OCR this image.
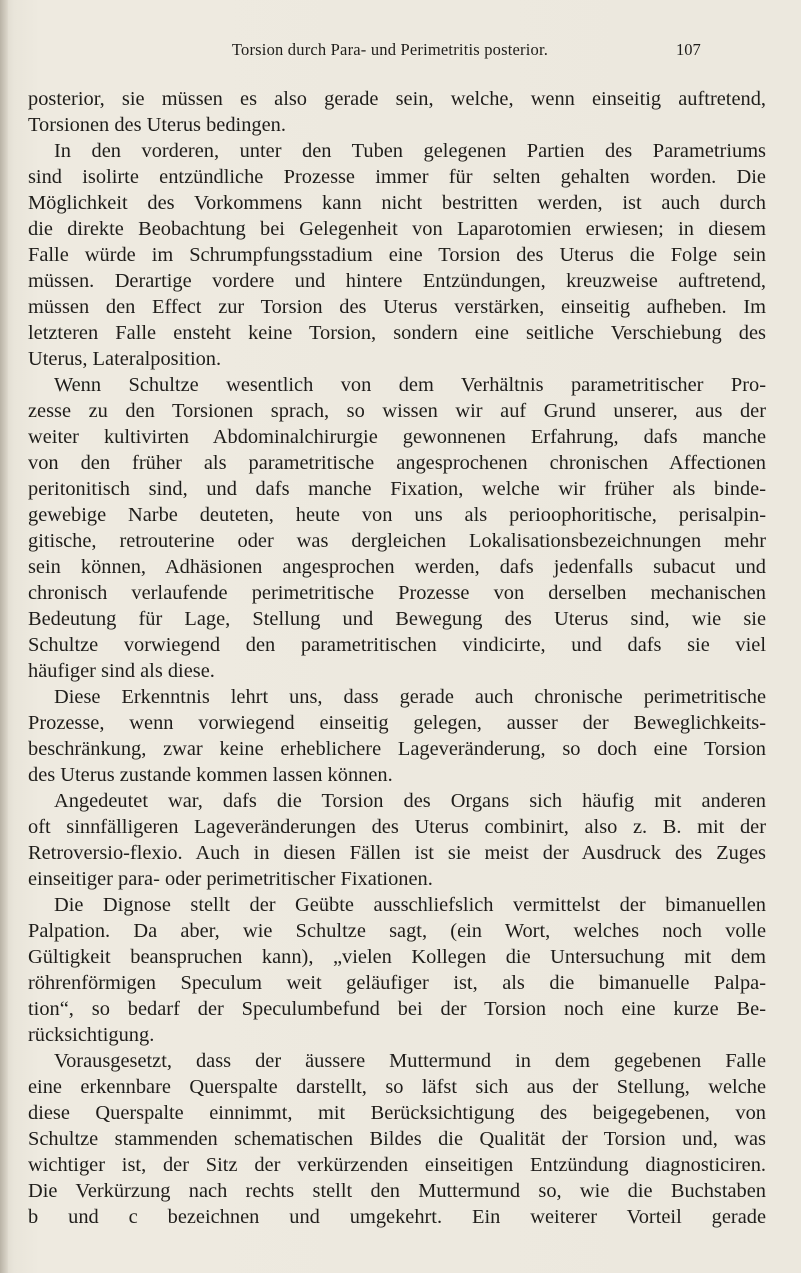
Torsion durch Para- und Perimetritis posterior.	107
posterior, sie müssen es also gerade sein, welche, wenn einseitig auftretend,
Torsionen des Uterus bedingen.
In den vorderen, unter den Tuben gelegenen Partien des Parametriums
sind isolirte entzündliche Prozesse immer für selten gehalten worden. Die
Möglichkeit des Vorkommens kann nicht bestritten werden, ist auch durch
die direkte Beobachtung bei Gelegenheit von Laparotomien erwiesen; in diesem
Falle würde im Schrumpfungsstadium eine Torsion des Uterus die Folge sein
müssen. Derartige vordere und hintere Entzündungen, kreuzweise auftretend,
müssen den Effect zur Torsion des Uterus verstärken, einseitig aufheben. Im
letzteren Falle ensteht keine Torsion, sondern eine seitliche Verschiebung des
Uterus, Lateralposition.
Wenn Schultze wesentlich von dem Verhältnis parametritischer Pro-
zesse zu den Torsionen sprach, so wissen wir auf Grund unserer, aus der
weiter kultivirten Abdominalchirurgie gewonnenen Erfahrung, dafs manche
von den früher als parametritische angesprochenen chronischen Affectionen
peritonitisch sind, und dafs manche Fixation, welche wir früher als binde-
gewebige Narbe deuteten, heute von uns als perioophoritische, perisalpin-
gitische, retrouterine oder was dergleichen Lokalisationsbezeichnungen mehr
sein können, Adhäsionen angesprochen werden, dafs jedenfalls subacut und
chronisch verlaufende perimetritische Prozesse von derselben mechanischen
Bedeutung für Lage, Stellung und Bewegung des Uterus sind, wie sie
Schultze vorwiegend den parametritischen vindicirte, und dafs sie viel
häufiger sind als diese.
Diese Erkenntnis lehrt uns, dass gerade auch chronische perimetritische
Prozesse, wenn vorwiegend einseitig gelegen, ausser der Beweglichkeits-
beschränkung, zwar keine erheblichere Lageveränderung, so doch eine Torsion
des Uterus zustande kommen lassen können.
Angedeutet war, dafs die Torsion des Organs sich häufig mit anderen
oft sinnfälligeren Lageveränderungen des Uterus combinirt, also z. B. mit der
Retroversio-flexio. Auch in diesen Fällen ist sie meist der Ausdruck des Zuges
einseitiger para- oder perimetritischer Fixationen.
Die Dignose stellt der Geübte ausschliefslich vermittelst der bimanuellen
Palpation. Da aber, wie Schultze sagt, (ein Wort, welches noch volle
Gültigkeit beanspruchen kann), „vielen Kollegen die Untersuchung mit dem
röhrenförmigen Speculum weit geläufiger ist, als die bimanuelle Palpa-
tion“, so bedarf der Speculumbefund bei der Torsion noch eine kurze Be-
rücksichtigung.
Vorausgesetzt, dass der äussere Muttermund in dem gegebenen Falle
eine erkennbare Querspalte darstellt, so läfst sich aus der Stellung, welche
diese Querspalte einnimmt, mit Berücksichtigung des beigegebenen, von
Schultze stammenden schematischen Bildes die Qualität der Torsion und, was
wichtiger ist, der Sitz der verkürzenden einseitigen Entzündung diagnosticiren.
Die Verkürzung nach rechts stellt den Muttermund so, wie die Buchstaben
b und c bezeichnen und umgekehrt. Ein weiterer Vorteil gerade
